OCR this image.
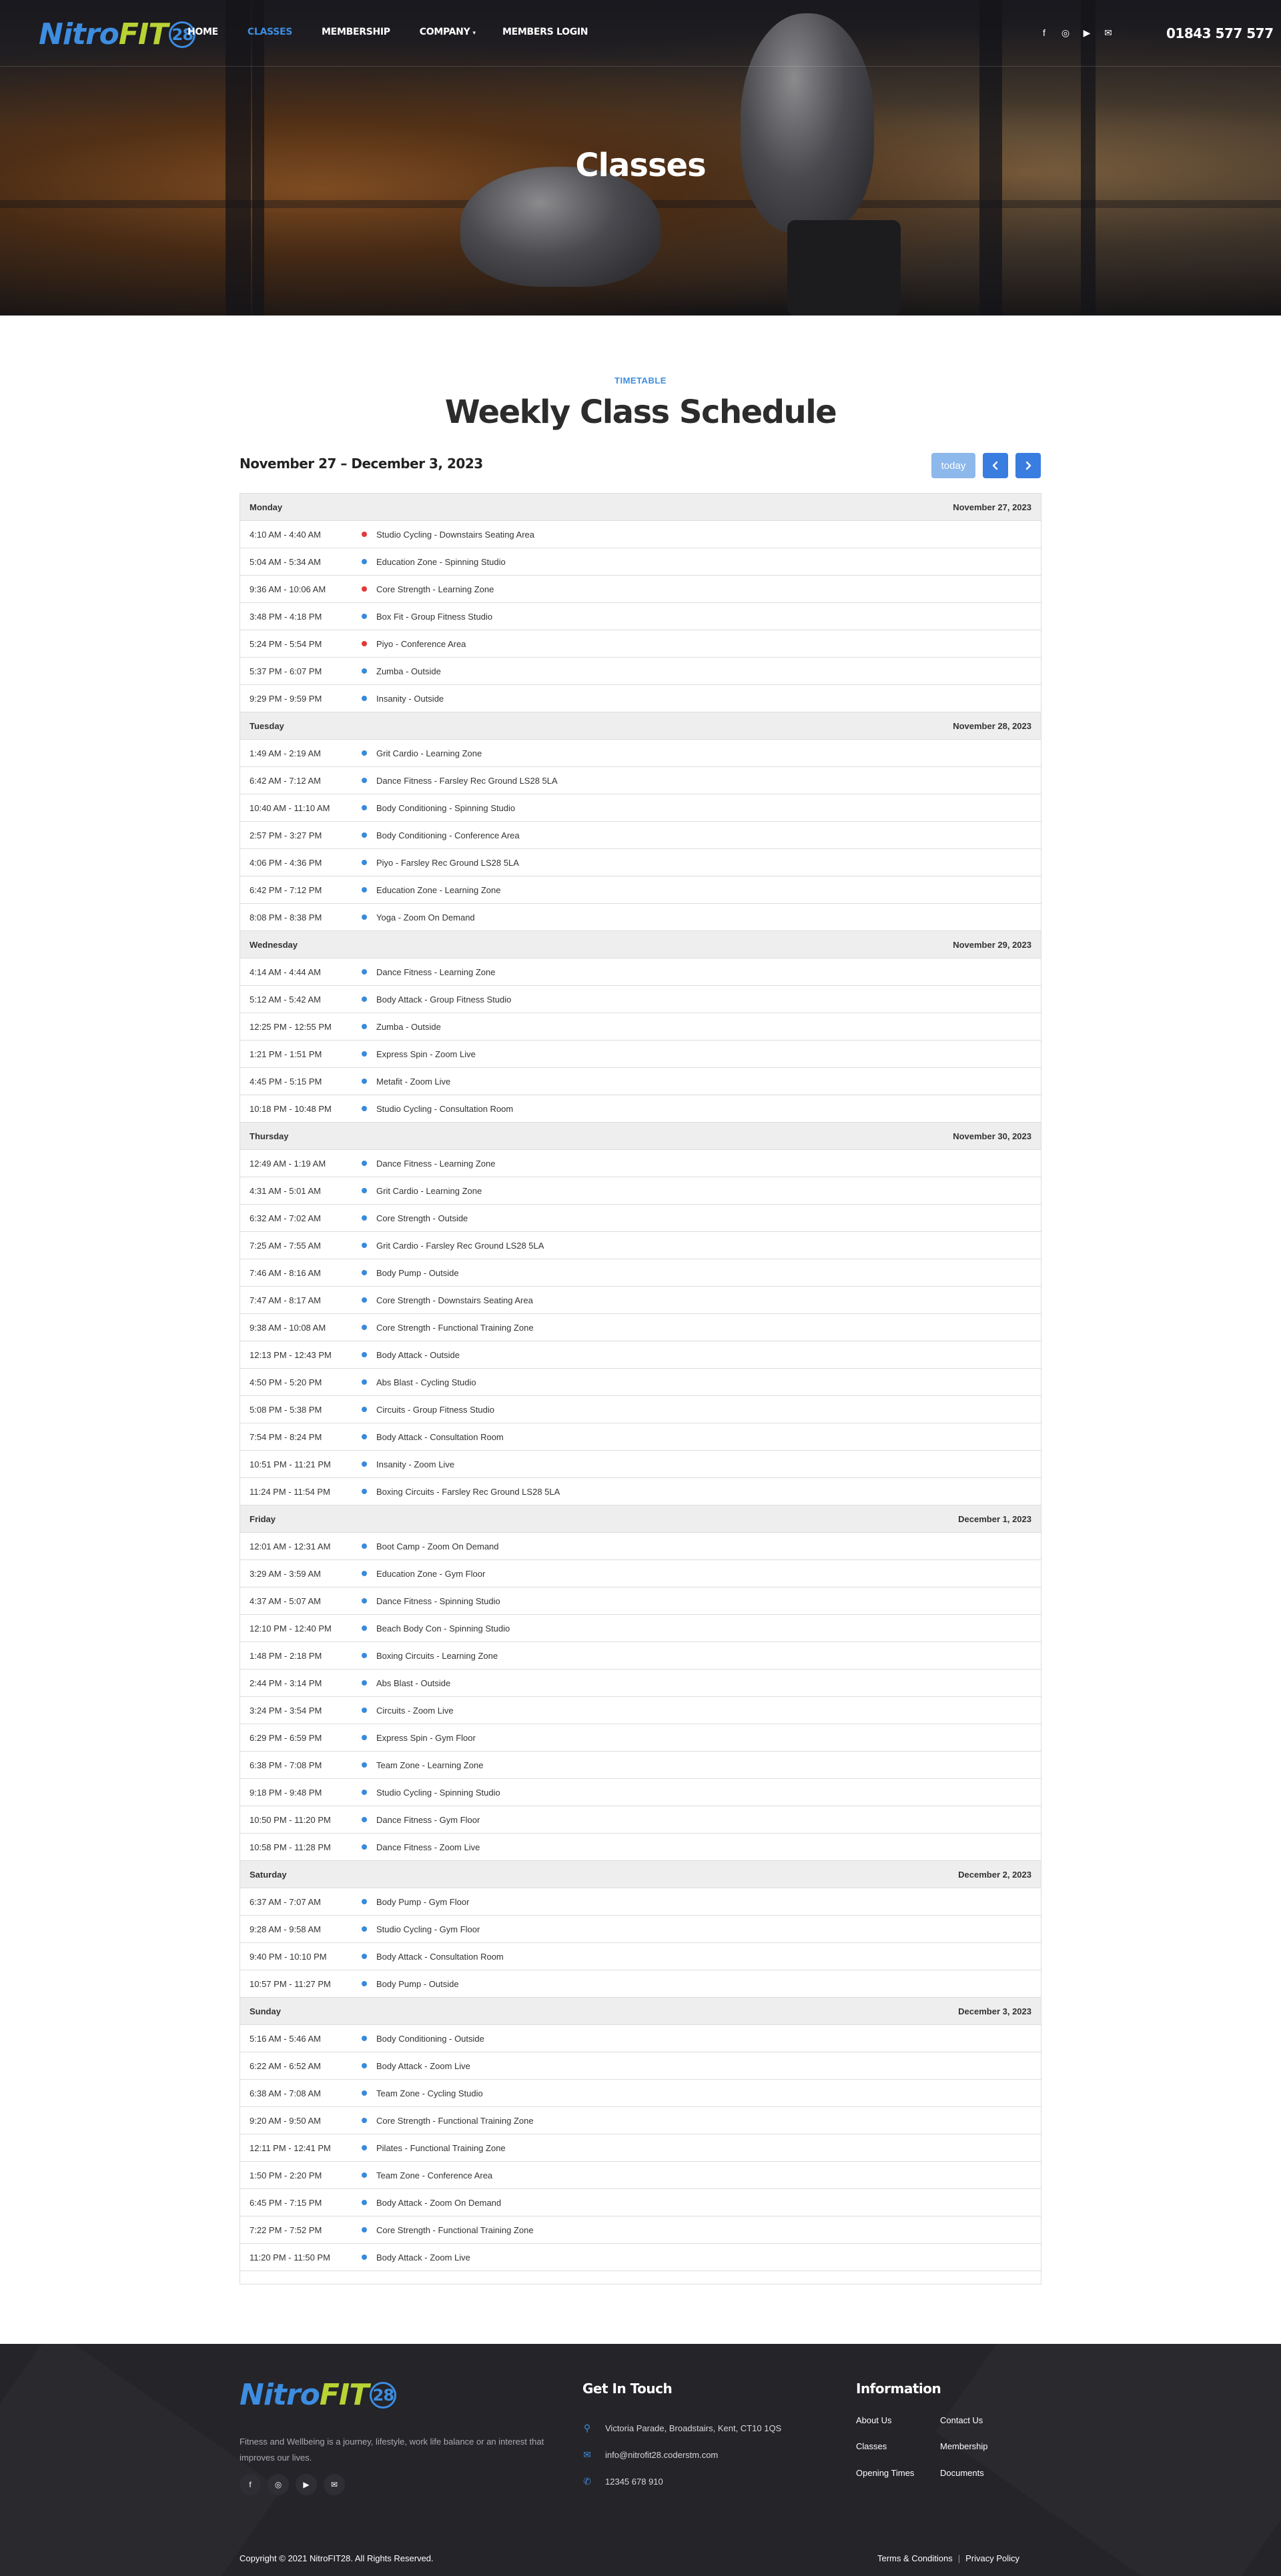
Nitro FIT 28
HOME	CLASSES	MEMBERSHIP	COMPANY ▾	MEMBERS LOGIN	f	◎ ▶ ✉	01843 577 577
Classes
TIMETABLE
Weekly Class Schedule
November 27 – December 3, 2023	today
Monday	November 27, 2023
4:10 AM - 4:40 AM	Studio Cycling - Downstairs Seating Area
5:04 AM - 5:34 AM	Education Zone - Spinning Studio
9:36 AM - 10:06 AM	Core Strength - Learning Zone
3:48 PM - 4:18 PM	Box Fit - Group Fitness Studio
5:24 PM - 5:54 PM	Piyo - Conference Area
5:37 PM - 6:07 PM	Zumba - Outside
9:29 PM - 9:59 PM	Insanity - Outside
Tuesday	November 28, 2023
1:49 AM - 2:19 AM	Grit Cardio - Learning Zone
6:42 AM - 7:12 AM	Dance Fitness - Farsley Rec Ground LS28 5LA
10:40 AM - 11:10 AM	Body Conditioning - Spinning Studio
2:57 PM - 3:27 PM	Body Conditioning - Conference Area
4:06 PM - 4:36 PM	Piyo - Farsley Rec Ground LS28 5LA
6:42 PM - 7:12 PM	Education Zone - Learning Zone
8:08 PM - 8:38 PM	Yoga - Zoom On Demand
Wednesday	November 29, 2023
4:14 AM - 4:44 AM	Dance Fitness - Learning Zone
5:12 AM - 5:42 AM	Body Attack - Group Fitness Studio
12:25 PM - 12:55 PM	Zumba - Outside
1:21 PM - 1:51 PM	Express Spin - Zoom Live
4:45 PM - 5:15 PM	Metafit - Zoom Live
10:18 PM - 10:48 PM	Studio Cycling - Consultation Room
Thursday	November 30, 2023
12:49 AM - 1:19 AM	Dance Fitness - Learning Zone
4:31 AM - 5:01 AM	Grit Cardio - Learning Zone
6:32 AM - 7:02 AM	Core Strength - Outside
7:25 AM - 7:55 AM	Grit Cardio - Farsley Rec Ground LS28 5LA
7:46 AM - 8:16 AM	Body Pump - Outside
7:47 AM - 8:17 AM	Core Strength - Downstairs Seating Area
9:38 AM - 10:08 AM	Core Strength - Functional Training Zone
12:13 PM - 12:43 PM	Body Attack - Outside
4:50 PM - 5:20 PM	Abs Blast - Cycling Studio
5:08 PM - 5:38 PM	Circuits - Group Fitness Studio
7:54 PM - 8:24 PM	Body Attack - Consultation Room
10:51 PM - 11:21 PM	Insanity - Zoom Live
11:24 PM - 11:54 PM	Boxing Circuits - Farsley Rec Ground LS28 5LA
Friday	December 1, 2023
12:01 AM - 12:31 AM	Boot Camp - Zoom On Demand
3:29 AM - 3:59 AM	Education Zone - Gym Floor
4:37 AM - 5:07 AM	Dance Fitness - Spinning Studio
12:10 PM - 12:40 PM	Beach Body Con - Spinning Studio
1:48 PM - 2:18 PM	Boxing Circuits - Learning Zone
2:44 PM - 3:14 PM	Abs Blast - Outside
3:24 PM - 3:54 PM	Circuits - Zoom Live
6:29 PM - 6:59 PM	Express Spin - Gym Floor
6:38 PM - 7:08 PM	Team Zone - Learning Zone
9:18 PM - 9:48 PM	Studio Cycling - Spinning Studio
10:50 PM - 11:20 PM	Dance Fitness - Gym Floor
10:58 PM - 11:28 PM	Dance Fitness - Zoom Live
Saturday	December 2, 2023
6:37 AM - 7:07 AM	Body Pump - Gym Floor
9:28 AM - 9:58 AM	Studio Cycling - Gym Floor
9:40 PM - 10:10 PM	Body Attack - Consultation Room
10:57 PM - 11:27 PM	Body Pump - Outside
Sunday	December 3, 2023
5:16 AM - 5:46 AM	Body Conditioning - Outside
6:22 AM - 6:52 AM	Body Attack - Zoom Live
6:38 AM - 7:08 AM	Team Zone - Cycling Studio
9:20 AM - 9:50 AM	Core Strength - Functional Training Zone
12:11 PM - 12:41 PM	Pilates - Functional Training Zone
1:50 PM - 2:20 PM	Team Zone - Conference Area
6:45 PM - 7:15 PM	Body Attack - Zoom On Demand
7:22 PM - 7:52 PM	Core Strength - Functional Training Zone
11:20 PM - 11:50 PM	Body Attack - Zoom Live
Nitro FIT 28
Fitness and Wellbeing is a journey, lifestyle, work life balance or an interest that improves our lives.
f	◎	▶	✉
Get In Touch
⚲ Victoria Parade, Broadstairs, Kent, CT10 1QS
✉ info@nitrofit28.coderstm.com
✆ 12345 678 910
Information
About Us	Contact Us
Classes	Membership
Opening Times	Documents
Copyright © 2021 NitroFIT28. All Rights Reserved.	Terms & Conditions | Privacy Policy
